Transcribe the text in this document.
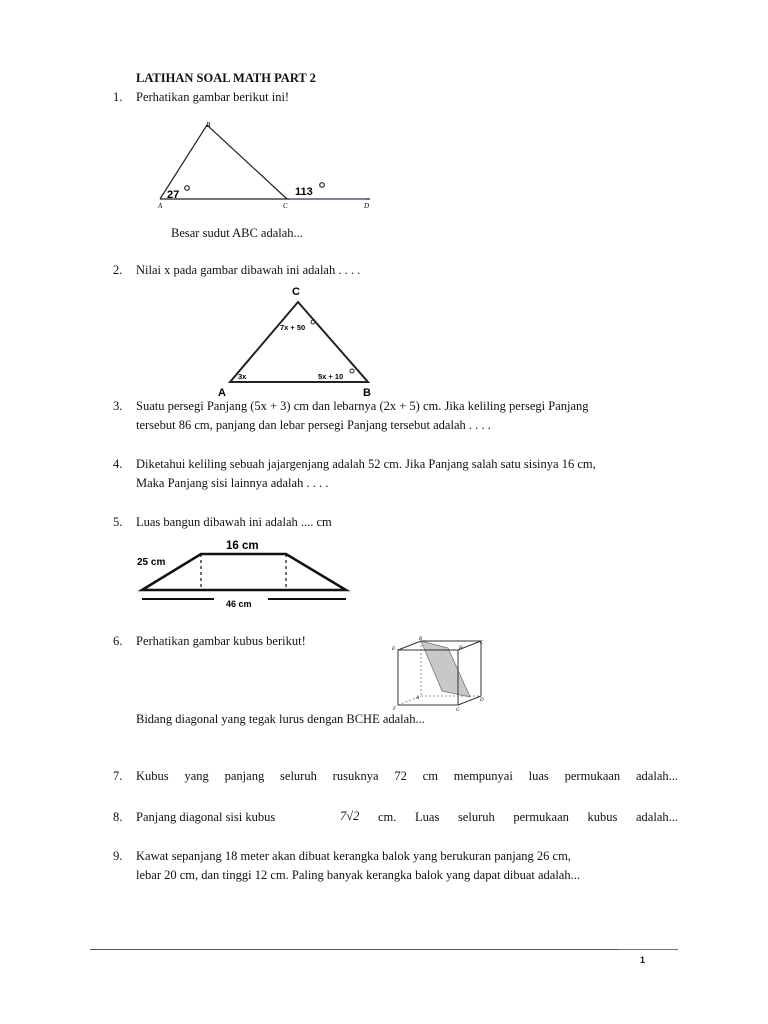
LATIHAN SOAL MATH PART 2

1. Perhatikan gambar berikut ini!

B
A	C	D
27	113

Besar sudut ABC adalah...

2. Nilai x pada gambar dibawah ini adalah . . . .

C
A	B
7x + 50
3x	5x + 10
3. Suatu persegi Panjang (5x + 3) cm dan lebarnya (2x + 5) cm. Jika keliling persegi Panjang

tersebut 86 cm, panjang dan lebar persegi Panjang tersebut adalah . . . .

4. Diketahui keliling sebuah jajargenjang adalah 52 cm. Jika Panjang salah satu sisinya 16 cm,

Maka Panjang sisi lainnya adalah . . . .

5. Luas bangun dibawah ini adalah .... cm

16 cm
25 cm
46 cm
6. Perhatikan gambar kubus berikut!	B
C
E	H
F	G
A	D

Bidang diagonal yang tegak lurus dengan BCHE adalah...

7. Kubus yang panjang seluruh rusuknya 72 cm mempunyai luas permukaan adalah...

8. Panjang diagonal sisi kubus	7√2 cm. Luas seluruh permukaan kubus adalah...

9. Kawat sepanjang 18 meter akan dibuat kerangka balok yang berukuran panjang 26 cm,

lebar 20 cm, dan tinggi 12 cm. Paling banyak kerangka balok yang dapat dibuat adalah...

1
